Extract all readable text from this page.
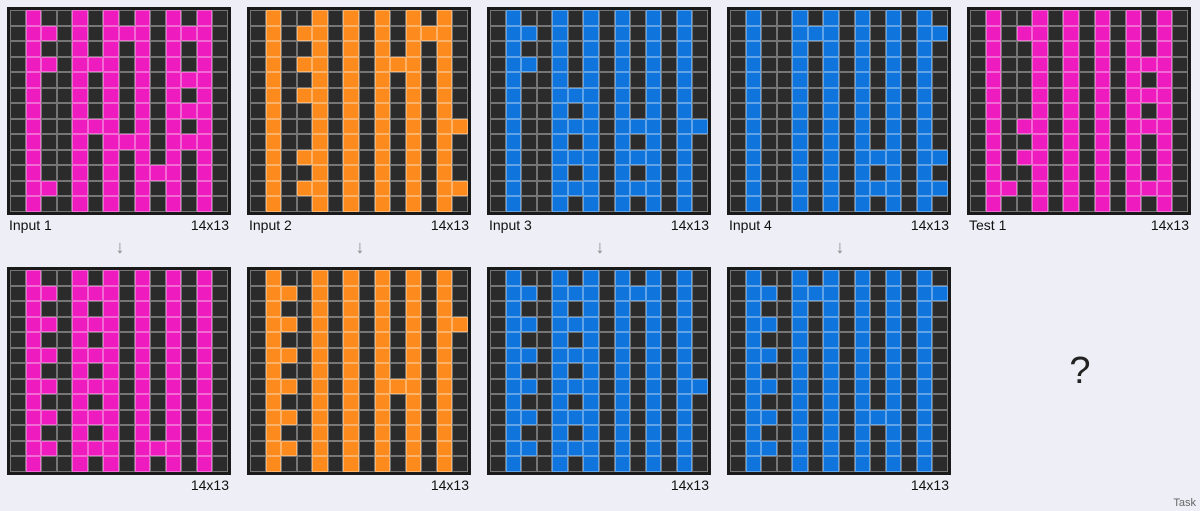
Input 1	14x13
↓
14x13
Input 2	14x13
↓
14x13
Input 3	14x13
↓
14x13
Input 4	14x13
↓
14x13
Test 1	14x13
?
Task
